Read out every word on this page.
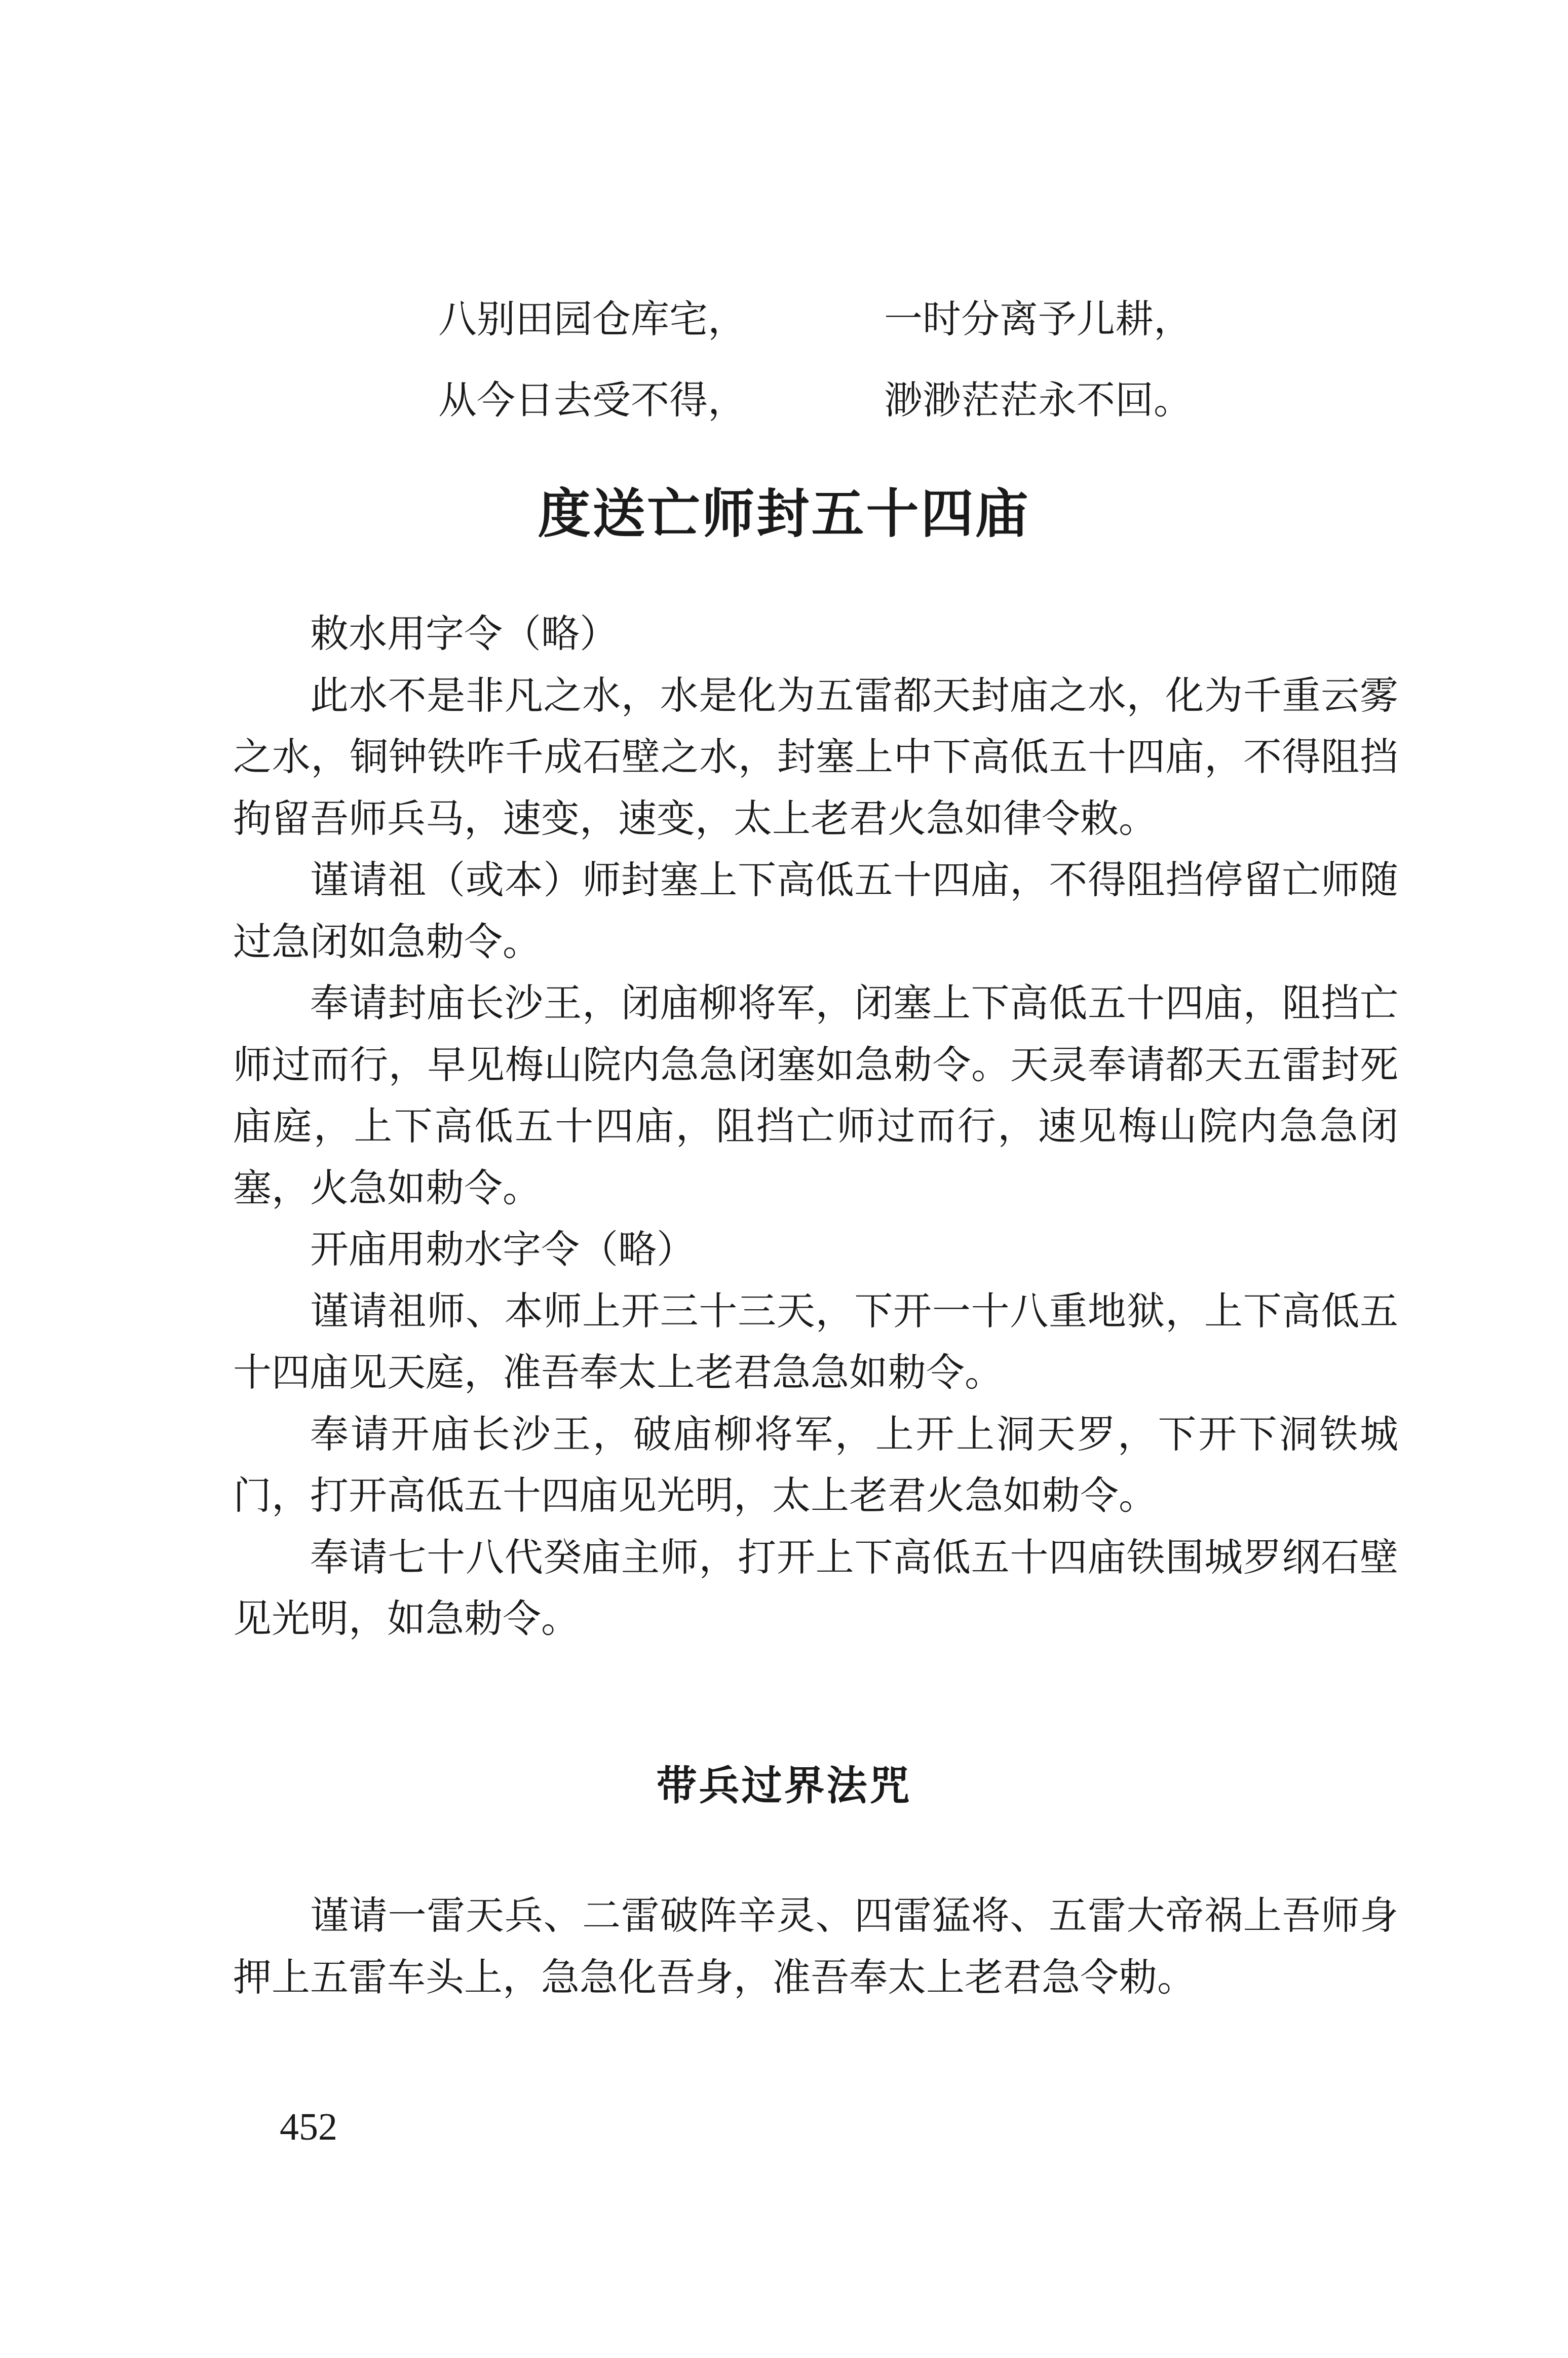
八别田园仓库宅，
从今日去受不得，
一时分离予儿耕，
渺渺茫茫永不回。
度送亡师封五十四庙

敕水用字令（略）

此水不是非凡之水，水是化为五雷都天封庙之水，化为千重云雾之水，铜钟铁咋千成石壁之水，封塞上中下高低五十四庙，不得阻挡拘留吾师兵马，速变，速变，太上老君火急如律令敕。

谨请祖（或本）师封塞上下高低五十四庙，不得阻挡停留亡师随过急闭如急勅令。

奉请封庙长沙王，闭庙柳将军，闭塞上下高低五十四庙，阻挡亡师过而行，早见梅山院内急急闭塞如急勅令。天灵奉请都天五雷封死庙庭，上下高低五十四庙，阻挡亡师过而行，速见梅山院内急急闭塞，火急如勅令。

开庙用勅水字令（略）

谨请祖师、本师上开三十三天，下开一十八重地狱，上下高低五十四庙见天庭，准吾奉太上老君急急如勅令。

奉请开庙长沙王，破庙柳将军，上开上洞天罗，下开下洞铁城门，打开高低五十四庙见光明，太上老君火急如勅令。

奉请七十八代癸庙主师，打开上下高低五十四庙铁围城罗纲石壁见光明，如急勅令。

带兵过界法咒

谨请一雷天兵、二雷破阵辛灵、四雷猛将、五雷大帝祸上吾师身押上五雷车头上，急急化吾身，准吾奉太上老君急令勅。

452
